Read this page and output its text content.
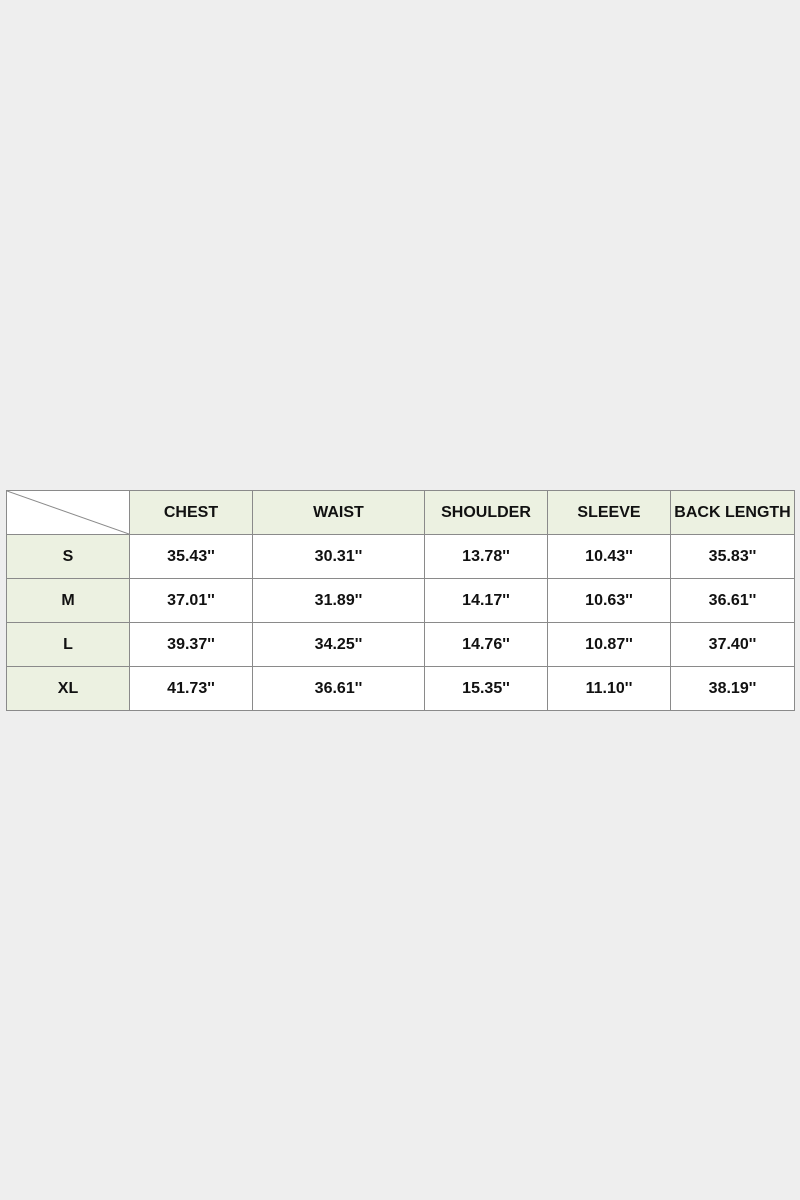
	CHEST	WAIST	SHOULDER	SLEEVE	BACK LENGTH
S	35.43''	30.31''	13.78''	10.43''	35.83''
M	37.01''	31.89''	14.17''	10.63''	36.61''
L	39.37''	34.25''	14.76''	10.87''	37.40''
XL	41.73''	36.61''	15.35''	11.10''	38.19''
